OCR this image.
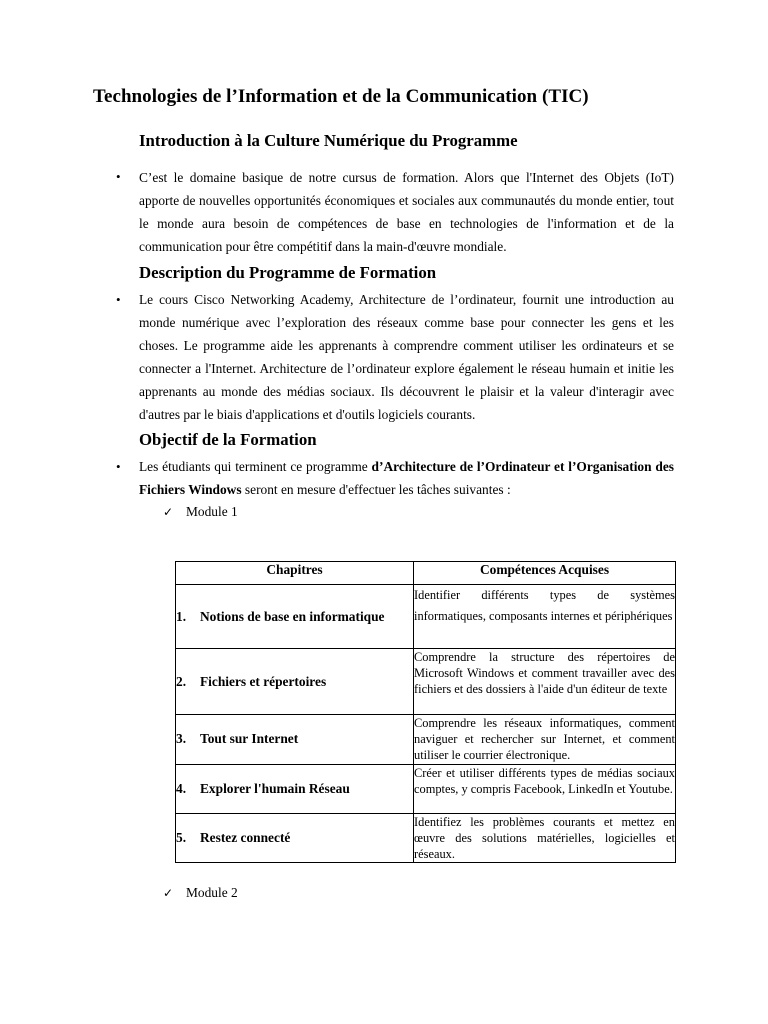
Technologies de l’Information et de la Communication (TIC)
Introduction à la Culture Numérique du Programme
• C’est le domaine basique de notre cursus de formation. Alors que l'Internet des Objets (IoT) apporte de nouvelles opportunités économiques et sociales aux communautés du monde entier, tout le monde aura besoin de compétences de base en technologies de l'information et de la communication pour être compétitif dans la main-d'œuvre mondiale.

Description du Programme de Formation
• Le cours Cisco Networking Academy, Architecture de l’ordinateur, fournit une introduction au monde numérique avec l’exploration des réseaux comme base pour connecter les gens et les choses. Le programme aide les apprenants à comprendre comment utiliser les ordinateurs et se connecter a l'Internet. Architecture de l’ordinateur explore également le réseau humain et initie les apprenants au monde des médias sociaux. Ils découvrent le plaisir et la valeur d'interagir avec d'autres par le biais d'applications et d'outils logiciels courants.

Objectif de la Formation
• Les étudiants qui terminent ce programme d’Architecture de l’Ordinateur et l’Organisation des Fichiers Windows seront en mesure d'effectuer les tâches suivantes :

✓ Module 1
Chapitres	Compétences Acquises
1. Notions de base en informatique	Identifier différents types de systèmes informatiques, composants internes et périphériques
2. Fichiers et répertoires	Comprendre la structure des répertoires de Microsoft Windows et comment travailler avec des fichiers et des dossiers à l'aide d'un éditeur de texte
3. Tout sur Internet	Comprendre les réseaux informatiques, comment naviguer et rechercher sur Internet, et comment utiliser le courrier électronique.
4. Explorer l'humain Réseau	Créer et utiliser différents types de médias sociaux comptes, y compris Facebook, LinkedIn et Youtube.
5. Restez connecté	Identifiez les problèmes courants et mettez en œuvre des solutions matérielles, logicielles et réseaux.
✓ Module 2
